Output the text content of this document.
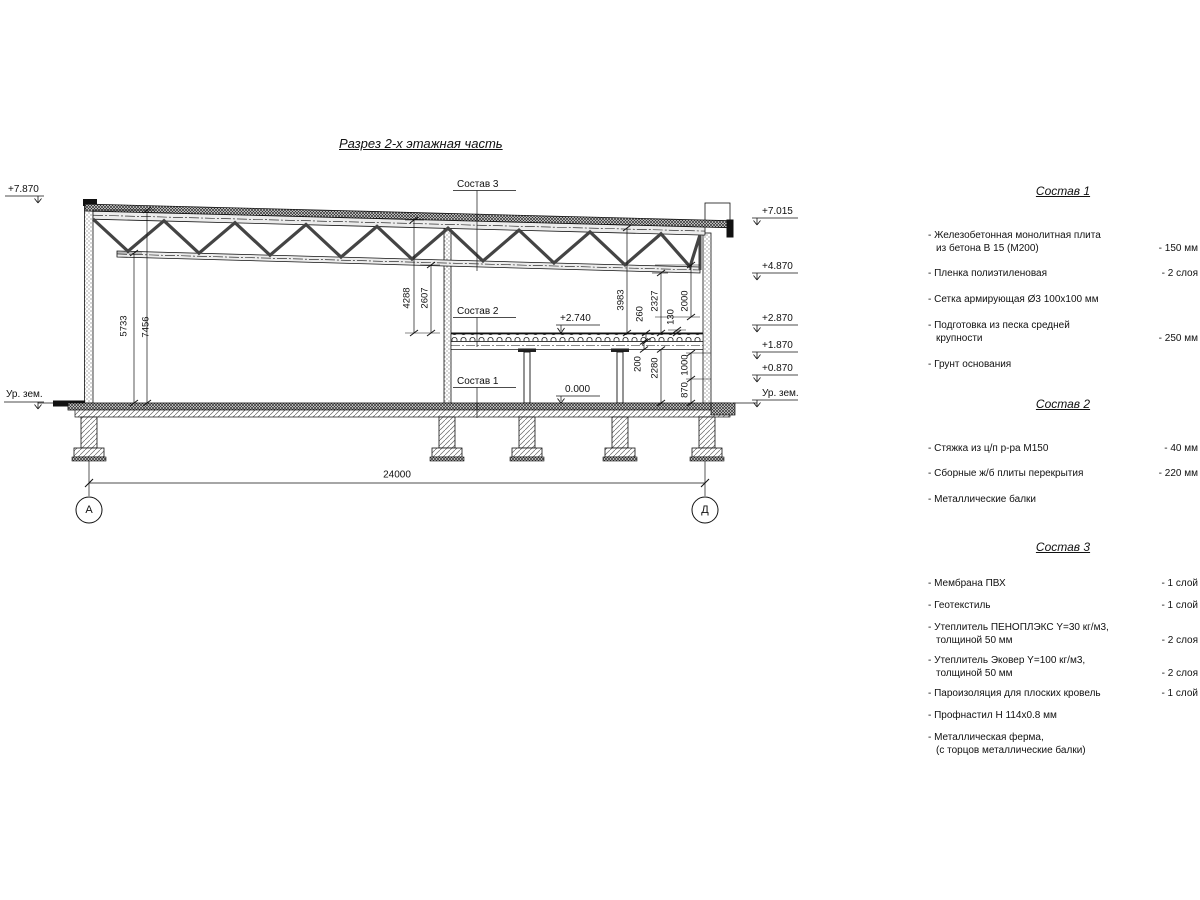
Разрез 2-х этажная часть
+7.870
Ур. зем.
+7.015
+4.870
+2.870
+1.870
+0.870
Ур. зем.
Состав 3
Состав 2
Состав 1
+2.740
0.000
5733 7456
4288 2607	3983
260
2327
130
2000
200 2280 1000
870
24000
А	Д
Состав 1
- Железобетонная монолитная плита
из бетона В 15 (М200)	- 150 мм
- Пленка полиэтиленовая	- 2 слоя
- Сетка армирующая Ø3 100х100 мм
- Подготовка из песка средней
крупности	- 250 мм
- Грунт основания
Состав 2
- Стяжка из ц/п р-ра М150	- 40 мм
- Сборные ж/б плиты перекрытия	- 220 мм
- Металлические балки
Состав 3
- Мембрана ПВХ	- 1 слой
- Геотекстиль	- 1 слой
- Утеплитель ПЕНОПЛЭКС Y=30 кг/м3,
толщиной 50 мм	- 2 слоя
- Утеплитель Эковер Y=100 кг/м3,
толщиной 50 мм	- 2 слоя
- Пароизоляция для плоских кровель	- 1 слой
- Профнастил Н 114х0.8 мм
- Металлическая ферма,
(с торцов металлические балки)
